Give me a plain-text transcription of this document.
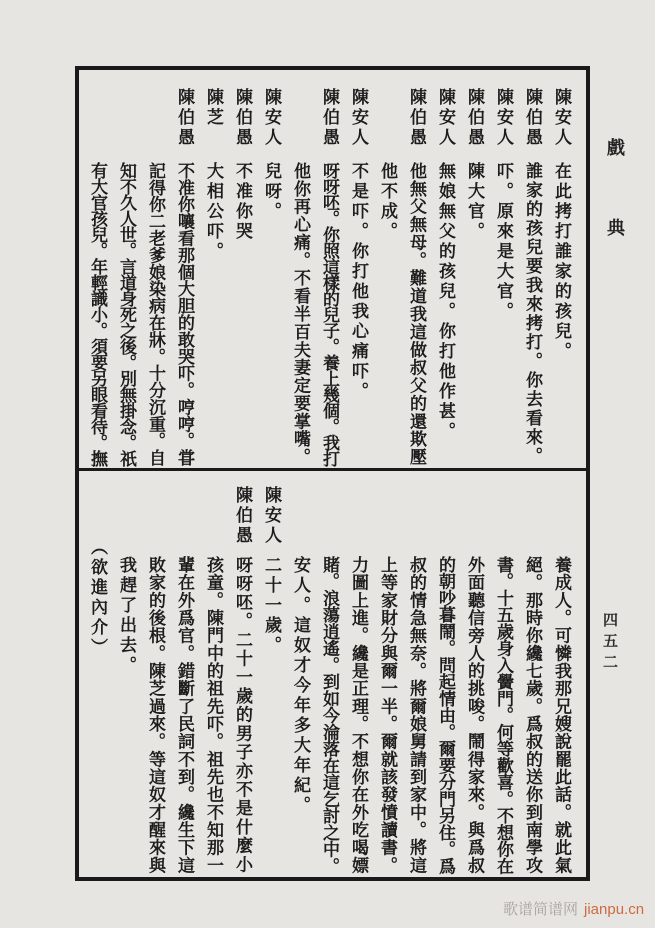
戲
典
四五二
陳安人
在此拷打誰家的孩兒。
陳伯愚
誰家的孩兒要我來拷打。你去看來。
陳安人
吓。原來是大官。
陳伯愚
陳大官。
陳安人
無娘無父的孩兒。你打他作甚。
陳伯愚
他無父無母。難道我這做叔父的還欺壓
他不成。
陳安人
不是吓。你打他我心痛吓。
陳伯愚
呀呀呸。你照這樣的兒子。養上幾個。我打
他你再心痛。不看半百夫妻定要掌嘴。
陳安人
兒呀。
陳伯愚
不准你哭
陳芝
大相公吓。
陳伯愚
不准你嚷看那個大胆的敢哭吓。哼哼。甞
記得你二老爹娘染病在牀。十分沉重。自
知不久人世。言道身死之後。別無掛念。祇
有大官孩兒。年輕識小。須要另眼看待。撫
養成人。可憐我那兄嫂說罷此話。就此氣
絕。那時你纔七歲。爲叔的送你到南學攻
書。十五歲身入黌門。何等歡喜。不想你在
外面聽信旁人的挑唆。鬧得家來。與爲叔
的朝吵暮鬧。問起情由。爾要分門另住。爲
叔的情急無奈。將爾娘舅請到家中。將這
上等家財分與爾一半。爾就該發憤讀書。
力圖上進。纔是正理。不想你在外吃喝嫖
賭。浪蕩逍遙。到如今淪落在這乞討之中。
安人。這奴才今年多大年紀。
陳安人
二十一歲。
陳伯愚
呀呀呸。二十一歲的男子亦不是什麼小
孩童。陳門中的祖先吓。祖先也不知那一
輩在外爲官。錯斷了民詞不到。纔生下這
敗家的後根。陳芝過來。等這奴才醒來與
我趕了出去。
（欲進內介）
歌谱简谱网 jianpu.cn
